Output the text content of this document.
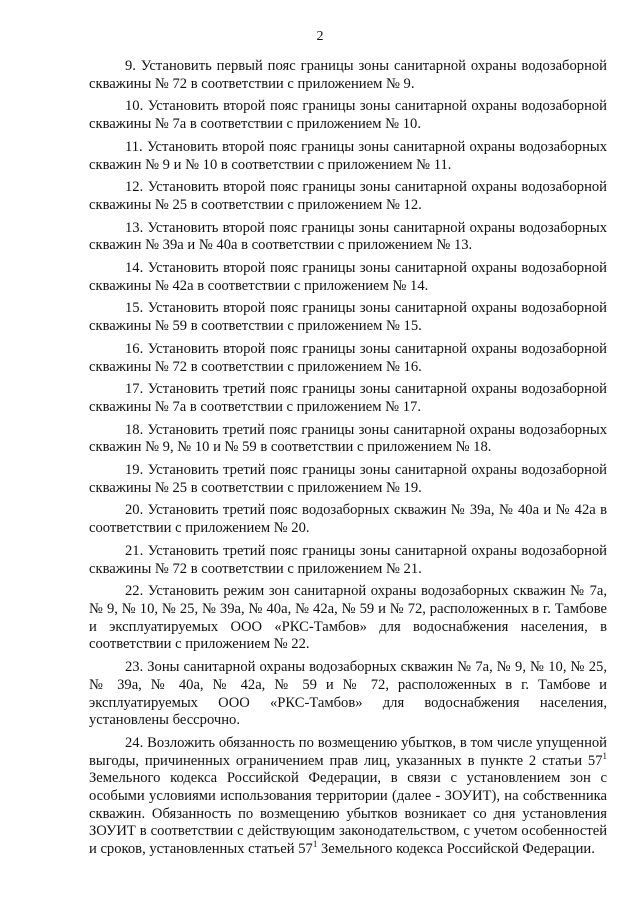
2

9. Установить первый пояс границы зоны санитарной охраны водозаборной скважины № 72 в соответствии с приложением № 9.

10. Установить второй пояс границы зоны санитарной охраны водозаборной скважины № 7а в соответствии с приложением № 10.

11. Установить второй пояс границы зоны санитарной охраны водозаборных скважин № 9 и № 10 в соответствии с приложением № 11.

12. Установить второй пояс границы зоны санитарной охраны водозаборной скважины № 25 в соответствии с приложением № 12.

13. Установить второй пояс границы зоны санитарной охраны водозаборных скважин № 39а и № 40а в соответствии с приложением № 13.

14. Установить второй пояс границы зоны санитарной охраны водозаборной скважины № 42а в соответствии с приложением № 14.

15. Установить второй пояс границы зоны санитарной охраны водозаборной скважины № 59 в соответствии с приложением № 15.

16. Установить второй пояс границы зоны санитарной охраны водозаборной скважины № 72 в соответствии с приложением № 16.

17. Установить третий пояс границы зоны санитарной охраны водозаборной скважины № 7а в соответствии с приложением № 17.

18. Установить третий пояс границы зоны санитарной охраны водозаборных скважин № 9, № 10 и № 59 в соответствии с приложением № 18.

19. Установить третий пояс границы зоны санитарной охраны водозаборной скважины № 25 в соответствии с приложением № 19.

20. Установить третий пояс водозаборных скважин № 39а, № 40а и № 42а в соответствии с приложением № 20.

21. Установить третий пояс границы зоны санитарной охраны водозаборной скважины № 72 в соответствии с приложением № 21.

22. Установить режим зон санитарной охраны водозаборных скважин № 7а, № 9, № 10, № 25, № 39а, № 40а, № 42а, № 59 и № 72, расположенных в г. Тамбове и эксплуатируемых ООО «РКС-Тамбов» для водоснабжения населения, в соответствии с приложением № 22.

23. Зоны санитарной охраны водозаборных скважин № 7а, № 9, № 10, № 25, № 39а, № 40а, № 42а, № 59 и № 72, расположенных в г. Тамбове и эксплуатируемых ООО «РКС-Тамбов» для водоснабжения населения, установлены бессрочно.

24. Возложить обязанность по возмещению убытков, в том числе упущенной выгоды, причиненных ограничением прав лиц, указанных в пункте 2 статьи $57^1$ Земельного кодекса Российской Федерации, в связи с установлением зон с особыми условиями использования территории (далее - ЗОУИТ), на собственника скважин. Обязанность по возмещению убытков возникает со дня установления ЗОУИТ в соответствии с действующим законодательством, с учетом особенностей и сроков, установленных статьей $57^1$ Земельного кодекса Российской Федерации.
